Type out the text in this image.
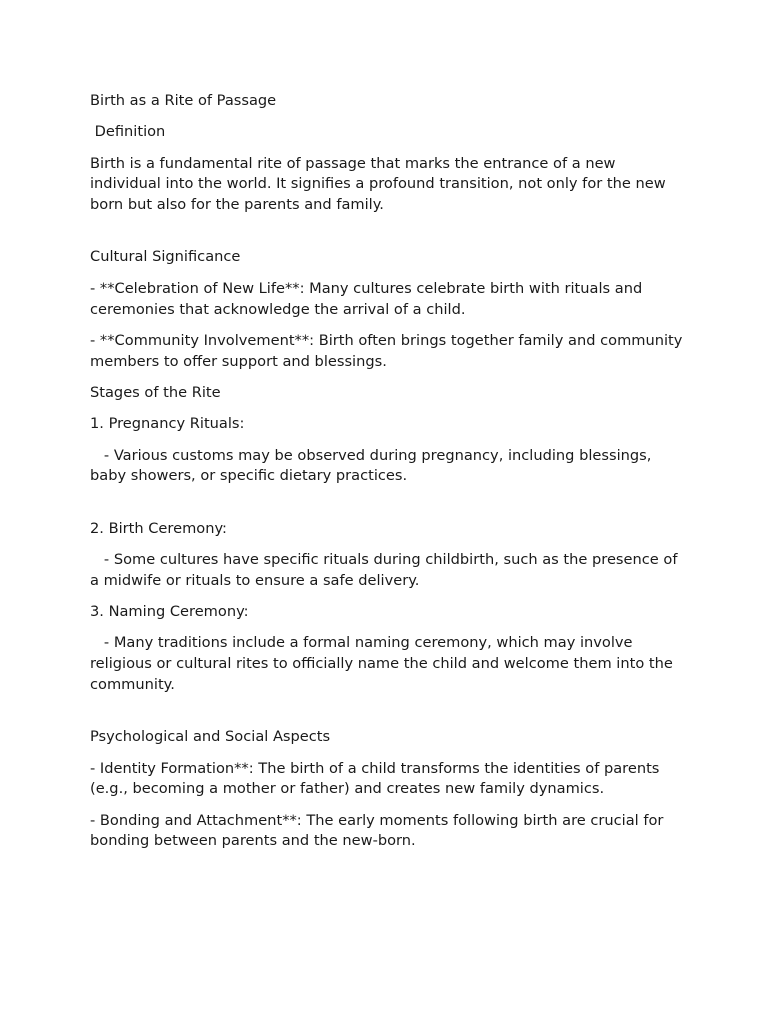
Birth as a Rite of Passage

Definition

Birth is a fundamental rite of passage that marks the entrance of a new individual into the world. It signifies a profound transition, not only for the new born but also for the parents and family.

Cultural Significance

- **Celebration of New Life**: Many cultures celebrate birth with rituals and ceremonies that acknowledge the arrival of a child.

- **Community Involvement**: Birth often brings together family and community members to offer support and blessings.

Stages of the Rite

1. Pregnancy Rituals:

- Various customs may be observed during pregnancy, including blessings, baby showers, or specific dietary practices.

2. Birth Ceremony:

- Some cultures have specific rituals during childbirth, such as the presence of a midwife or rituals to ensure a safe delivery.

3. Naming Ceremony:

- Many traditions include a formal naming ceremony, which may involve religious or cultural rites to officially name the child and welcome them into the community.

Psychological and Social Aspects

- Identity Formation**: The birth of a child transforms the identities of parents (e.g., becoming a mother or father) and creates new family dynamics.

- Bonding and Attachment**: The early moments following birth are crucial for bonding between parents and the new-born.
